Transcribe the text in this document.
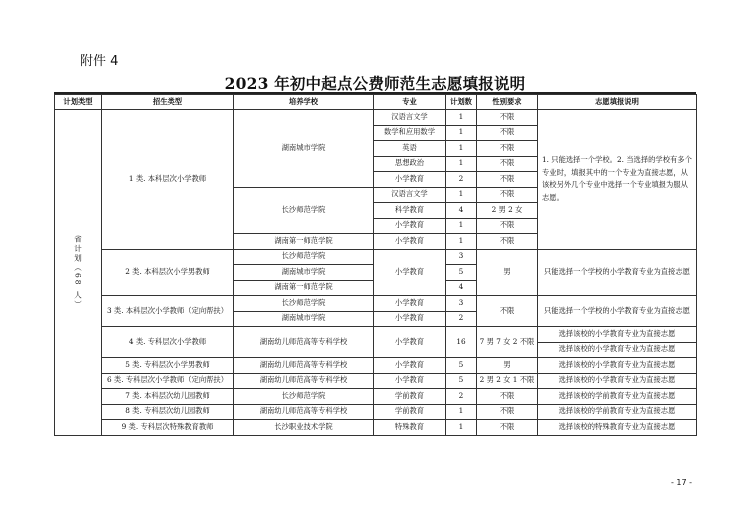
附件 4
2023 年初中起点公费师范生志愿填报说明
计划类型	招生类型	培养学校	专业	计划数	性别要求	志愿填报说明
省计划（68 人）	1 类. 本科层次小学教师	湖南城市学院	汉语言文学	1	不限	1. 只能选择一个学校。2. 当选择的学校有多个专业时，填报其中的一个专业为直接志愿，从该校另外几个专业中选择一个专业填报为服从志愿。
			数学和应用数学	1	不限	
			英语	1	不限	
			思想政治	1	不限	
			小学教育	2	不限	
		长沙师范学院	汉语言文学	1	不限	
			科学教育	4	2 男 2 女	
			小学教育	1	不限	
		湖南第一师范学院	小学教育	1	不限	
	2 类. 本科层次小学男教师	长沙师范学院	小学教育	3	男	只能选择一个学校的小学教育专业为直接志愿
		湖南城市学院		5		
		湖南第一师范学院		4		
	3 类. 本科层次小学教师（定向帮扶）	长沙师范学院	小学教育	3	不限	只能选择一个学校的小学教育专业为直接志愿
		湖南城市学院	小学教育	2		
	4 类. 专科层次小学教师	湖南幼儿师范高等专科学校	小学教育	16	7 男 7 女 2 不限	选择该校的小学教育专业为直接志愿
						选择该校的小学教育专业为直接志愿
	5 类. 专科层次小学男教师	湖南幼儿师范高等专科学校	小学教育	5	男	选择该校的小学教育专业为直接志愿
	6 类. 专科层次小学教师（定向帮扶）	湖南幼儿师范高等专科学校	小学教育	5	2 男 2 女 1 不限	选择该校的小学教育专业为直接志愿
	7 类. 本科层次幼儿园教师	长沙师范学院	学前教育	2	不限	选择该校的学前教育专业为直接志愿
	8 类. 专科层次幼儿园教师	湖南幼儿师范高等专科学校	学前教育	1	不限	选择该校的学前教育专业为直接志愿
	9 类. 专科层次特殊教育教师	长沙职业技术学院	特殊教育	1	不限	选择该校的特殊教育专业为直接志愿
- 17 -
